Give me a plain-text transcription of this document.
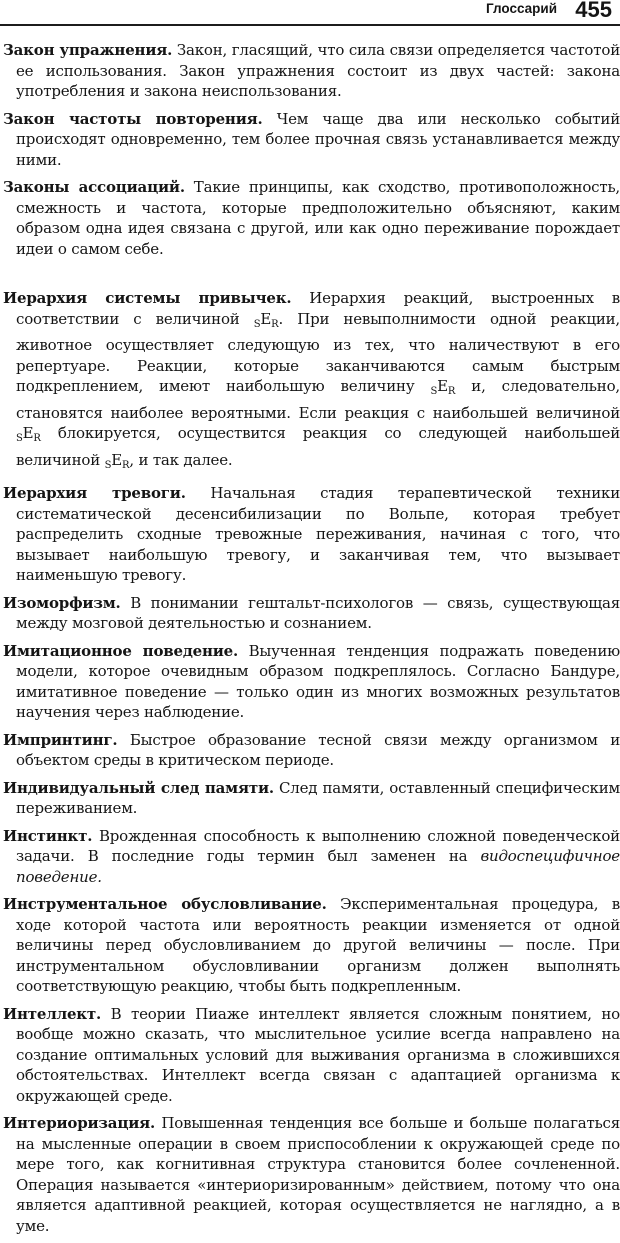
Глоссарий 455

Закон упражнения. Закон, гласящий, что сила связи определяется частотой ее использования. Закон упражнения состоит из двух частей: закона употребления и закона неиспользования.

Закон частоты повторения. Чем чаще два или несколько событий происходят одновременно, тем более прочная связь устанавливается между ними.

Законы ассоциаций. Такие принципы, как сходство, противоположность, смежность и частота, которые предположительно объясняют, каким образом одна идея связана с другой, или как одно переживание порождает идеи о самом себе.

Иерархия системы привычек. Иерархия реакций, выстроенных в соответствии с величиной $_SE_R$. При невыполнимости одной реакции, животное осуществляет следующую из тех, что наличествуют в его репертуаре. Реакции, которые заканчиваются самым быстрым подкреплением, имеют наибольшую величину $_SE_R$ и, следовательно, становятся наиболее вероятными. Если реакция с наибольшей величиной $_SE_R$ блокируется, осуществится реакция со следующей наибольшей величиной $_SE_R$, и так далее.

Иерархия тревоги. Начальная стадия терапевтической техники систематической десенсибилизации по Вольпе, которая требует распределить сходные тревожные переживания, начиная с того, что вызывает наибольшую тревогу, и заканчивая тем, что вызывает наименьшую тревогу.

Изоморфизм. В понимании гештальт-психологов — связь, существующая между мозговой деятельностью и сознанием.

Имитационное поведение. Выученная тенденция подражать поведению модели, которое очевидным образом подкреплялось. Согласно Бандуре, имитативное поведение — только один из многих возможных результатов научения через наблюдение.

Импринтинг. Быстрое образование тесной связи между организмом и объектом среды в критическом периоде.

Индивидуальный след памяти. След памяти, оставленный специфическим переживанием.

Инстинкт. Врожденная способность к выполнению сложной поведенческой задачи. В последние годы термин был заменен на видоспецифичное поведение.

Инструментальное обусловливание. Экспериментальная процедура, в ходе которой частота или вероятность реакции изменяется от одной величины перед обусловливанием до другой величины — после. При инструментальном обусловливании организм должен выполнять соответствующую реакцию, чтобы быть подкрепленным.

Интеллект. В теории Пиаже интеллект является сложным понятием, но вообще можно сказать, что мыслительное усилие всегда направлено на создание оптимальных условий для выживания организма в сложившихся обстоятельствах. Интеллект всегда связан с адаптацией организма к окружающей среде.

Интериоризация. Повышенная тенденция все больше и больше полагаться на мысленные операции в своем приспособлении к окружающей среде по мере того, как когнитивная структура становится более сочлененной. Операция называется «интериоризированным» действием, потому что она является адаптивной реакцией, которая осуществляется не наглядно, а в уме.
